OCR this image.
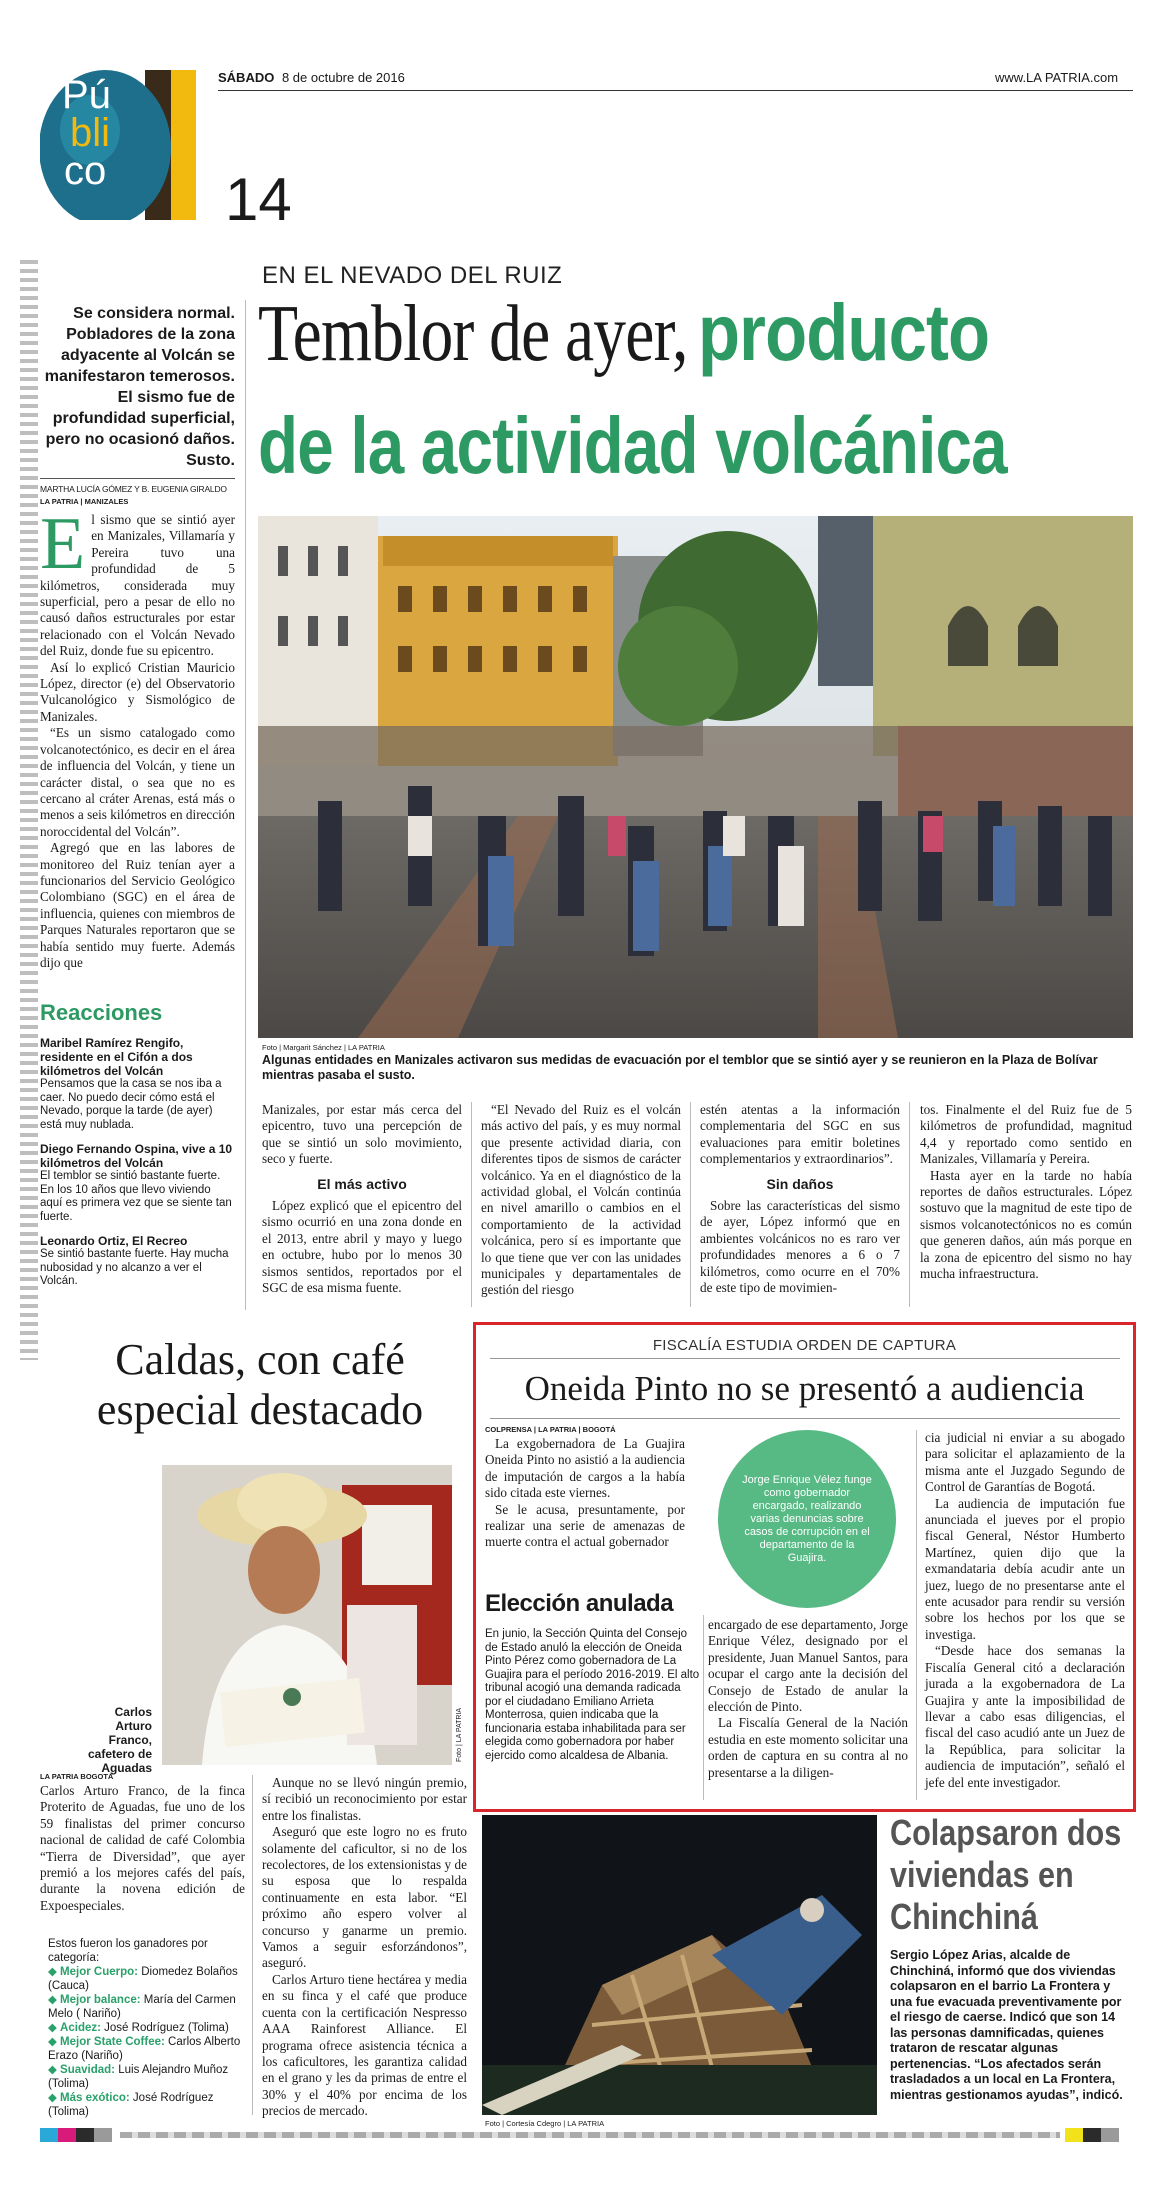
Pú
bli
co
SÁBADO 8 de octubre de 2016	www.LA PATRIA.com
14
Se considera normal. Pobladores de la zona adyacente al Volcán se manifestaron temerosos. El sismo fue de profundidad superficial, pero no ocasionó daños. Susto.
MARTHA LUCÍA GÓMEZ Y B. EUGENIA GIRALDO
LA PATRIA | MANIZALES
EN EL NEVADO DEL RUIZ
Temblor de ayer, producto
de la actividad volcánica

El sismo que se sintió ayer en Manizales, Villamaría y Pereira tuvo una profundidad de 5 kilómetros, considerada muy superficial, pero a pesar de ello no causó daños estructurales por estar relacionado con el Volcán Nevado del Ruiz, donde fue su epicentro.

Así lo explicó Cristian Mauricio López, director (e) del Observatorio Vulcanológico y Sismológico de Manizales.

“Es un sismo catalogado como volcanotectónico, es decir en el área de influencia del Volcán, y tiene un carácter distal, o sea que no es cercano al cráter Arenas, está más o menos a seis kilómetros en dirección noroccidental del Volcán”.

Agregó que en las labores de monitoreo del Ruiz tenían ayer a funcionarios del Servicio Geológico Colombiano (SGC) en el área de influencia, quienes con miembros de Parques Naturales reportaron que se había sentido muy fuerte. Además dijo que

Reacciones
Maribel Ramírez Rengifo, residente en el Cifón a dos kilómetros del Volcán
Pensamos que la casa se nos iba a caer. No puedo decir cómo está el Nevado, porque la tarde (de ayer) está muy nublada.
Diego Fernando Ospina, vive a 10 kilómetros del Volcán
El temblor se sintió bastante fuerte. En los 10 años que llevo viviendo aquí es primera vez que se siente tan fuerte.
Leonardo Ortiz, El Recreo
Se sintió bastante fuerte. Hay mucha nubosidad y no alcanzo a ver el Volcán.
Foto | Margarit Sánchez | LA PATRIA
Algunas entidades en Manizales activaron sus medidas de evacuación por el temblor que se sintió ayer y se reunieron en la Plaza de Bolívar mientras pasaba el susto.

Manizales, por estar más cerca del epicentro, tuvo una percepción de que se sintió un solo movimiento, seco y fuerte.

El más activo

López explicó que el epicentro del sismo ocurrió en una zona donde en el 2013, entre abril y mayo y luego en octubre, hubo por lo menos 30 sismos sentidos, reportados por el SGC de esa misma fuente.

“El Nevado del Ruiz es el volcán más activo del país, y es muy normal que presente actividad diaria, con diferentes tipos de sismos de carácter volcánico. Ya en el diagnóstico de la actividad global, el Volcán continúa en nivel amarillo o cambios en el comportamiento de la actividad volcánica, pero sí es importante que lo que tiene que ver con las unidades municipales y departamentales de gestión del riesgo

estén atentas a la información complementaria del SGC en sus evaluaciones para emitir boletines complementarios y extraordinarios”.

Sin daños

Sobre las características del sismo de ayer, López informó que en ambientes volcánicos no es raro ver profundidades menores a 6 o 7 kilómetros, como ocurre en el 70% de este tipo de movimien-

tos. Finalmente el del Ruiz fue de 5 kilómetros de profundidad, magnitud 4,4 y reportado como sentido en Manizales, Villamaría y Pereira.

Hasta ayer en la tarde no había reportes de daños estructurales. López sostuvo que la magnitud de este tipo de sismos volcanotectónicos no es común que generen daños, aún más porque en la zona de epicentro del sismo no hay mucha infraestructura.

Caldas, con café especial destacado
Carlos Arturo Franco, cafetero de Aguadas
Foto | LA PATRIA
LA PATRIA BOGOTÁ

Carlos Arturo Franco, de la finca Proterito de Aguadas, fue uno de los 59 finalistas del primer concurso nacional de calidad de café Colombia “Tierra de Diversidad”, que ayer premió a los mejores cafés del país, durante la novena edición de Expoespeciales.

Estos fueron los ganadores por categoría:
◆ Mejor Cuerpo: Diomedez Bolaños (Cauca)
◆ Mejor balance: María del Carmen Melo ( Nariño)
◆ Acidez: José Rodríguez (Tolima)
◆ Mejor State Coffee: Carlos Alberto Erazo (Nariño)
◆ Suavidad: Luis Alejandro Muñoz (Tolima)
◆ Más exótico: José Rodríguez (Tolima)

Aunque no se llevó ningún premio, sí recibió un reconocimiento por estar entre los finalistas.

Aseguró que este logro no es fruto solamente del caficultor, si no de los recolectores, de los extensionistas y de su esposa que lo respalda continuamente en esta labor. “El próximo año espero volver al concurso y ganarme un premio. Vamos a seguir esforzándonos”, aseguró.

Carlos Arturo tiene hectárea y media en su finca y el café que produce cuenta con la certificación Nespresso AAA Rainforest Alliance. El programa ofrece asistencia técnica a los caficultores, les garantiza calidad en el grano y les da primas de entre el 30% y el 40% por encima de los precios de mercado.

FISCALÍA ESTUDIA ORDEN DE CAPTURA
Oneida Pinto no se presentó a audiencia
COLPRENSA | LA PATRIA | BOGOTÁ

La exgobernadora de La Guajira Oneida Pinto no asistió a la audiencia de imputación de cargos a la había sido citada este viernes.

Se le acusa, presuntamente, por realizar una serie de amenazas de muerte contra el actual gobernador

Jorge Enrique Vélez funge como gobernador encargado, realizando varias denuncias sobre casos de corrupción en el departamento de la Guajira.
Elección anulada
En junio, la Sección Quinta del Consejo de Estado anuló la elección de Oneida Pinto Pérez como gobernadora de La Guajira para el período 2016-2019. El alto tribunal acogió una demanda radicada por el ciudadano Emiliano Arrieta Monterrosa, quien indicaba que la funcionaria estaba inhabilitada para ser elegida como gobernadora por haber ejercido como alcaldesa de Albania.

encargado de ese departamento, Jorge Enrique Vélez, designado por el presidente, Juan Manuel Santos, para ocupar el cargo ante la decisión del Consejo de Estado de anular la elección de Pinto.

La Fiscalía General de la Nación estudia en este momento solicitar una orden de captura en su contra al no presentarse a la diligen-

cia judicial ni enviar a su abogado para solicitar el aplazamiento de la misma ante el Juzgado Segundo de Control de Garantías de Bogotá.

La audiencia de imputación fue anunciada el jueves por el propio fiscal General, Néstor Humberto Martínez, quien dijo que la exmandataria debía acudir ante un juez, luego de no presentarse ante el ente acusador para rendir su versión sobre los hechos por los que se investiga.

“Desde hace dos semanas la Fiscalía General citó a declaración jurada a la exgobernadora de La Guajira y ante la imposibilidad de llevar a cabo esas diligencias, el fiscal del caso acudió ante un Juez de la República, para solicitar la audiencia de imputación”, señaló el jefe del ente investigador.

Foto | Cortesía Cdegro | LA PATRIA
Colapsaron dos viviendas en Chinchiná
Sergio López Arias, alcalde de Chinchiná, informó que dos viviendas colapsaron en el barrio La Frontera y una fue evacuada preventivamente por el riesgo de caerse. Indicó que son 14 las personas damnificadas, quienes trataron de rescatar algunas pertenencias. “Los afectados serán trasladados a un local en La Frontera, mientras gestionamos ayudas”, indicó.
